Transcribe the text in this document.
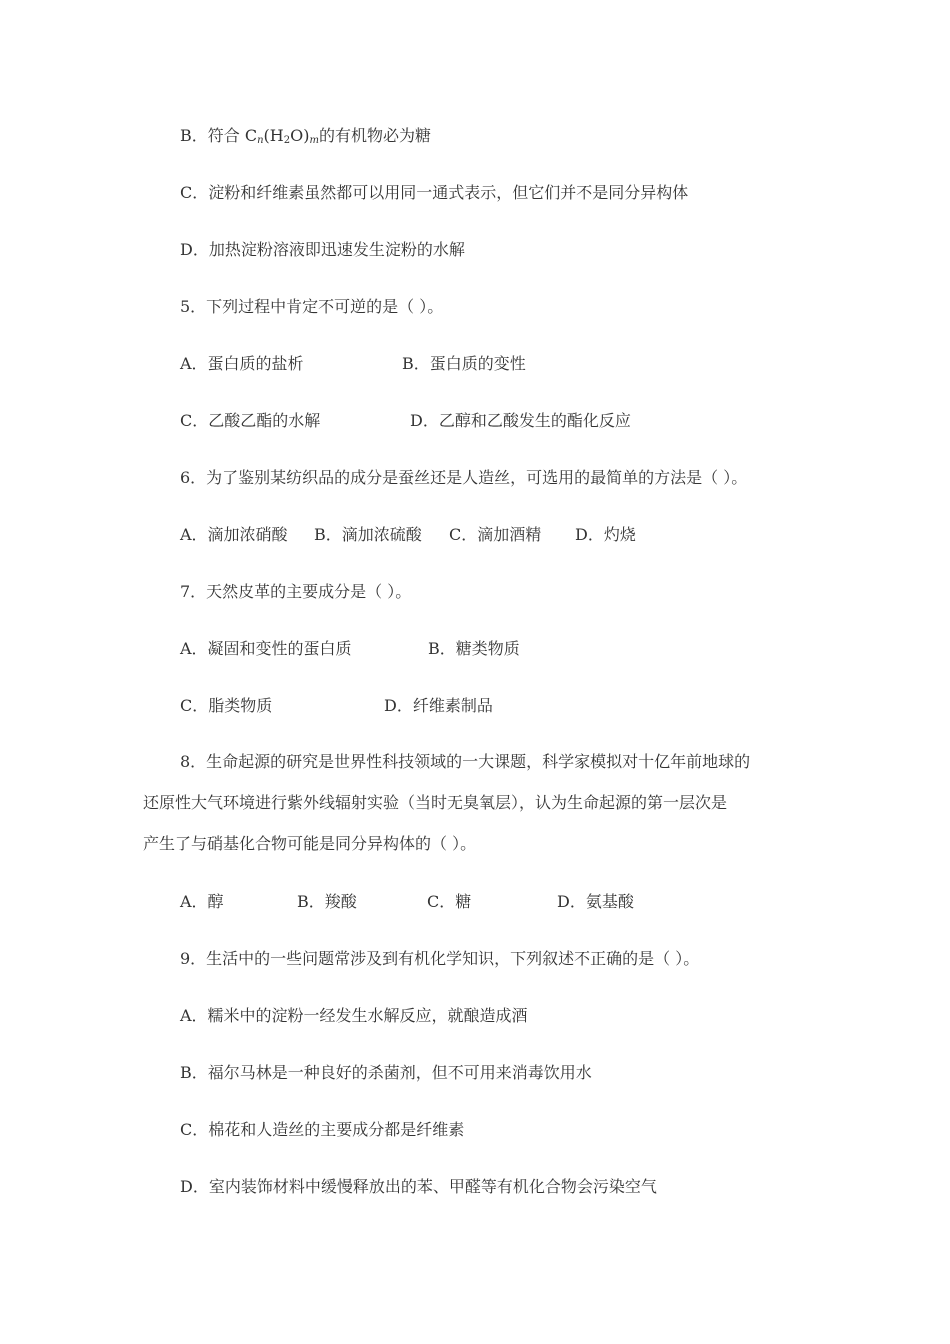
B．符合 $C_n(H_2O)_m$的有机物必为糖
C．淀粉和纤维素虽然都可以用同一通式表示，但它们并不是同分异构体
D．加热淀粉溶液即迅速发生淀粉的水解
5．下列过程中肯定不可逆的是（ ）。
A．蛋白质的盐析	B．蛋白质的变性
C．乙酸乙酯的水解	D．乙醇和乙酸发生的酯化反应
6．为了鉴别某纺织品的成分是蚕丝还是人造丝，可选用的最简单的方法是（ ）。
A．滴加浓硝酸 B．滴加浓硫酸 C．滴加酒精 D．灼烧
7．天然皮革的主要成分是（ ）。
A．凝固和变性的蛋白质	B．糖类物质
C．脂类物质	D．纤维素制品
8．生命起源的研究是世界性科技领域的一大课题，科学家模拟对十亿年前地球的
还原性大气环境进行紫外线辐射实验（当时无臭氧层），认为生命起源的第一层次是
产生了与硝基化合物可能是同分异构体的（ ）。
A．醇	B．羧酸	C．糖	D．氨基酸
9．生活中的一些问题常涉及到有机化学知识，下列叙述不正确的是（ ）。
A．糯米中的淀粉一经发生水解反应，就酿造成酒
B．福尔马林是一种良好的杀菌剂，但不可用来消毒饮用水
C．棉花和人造丝的主要成分都是纤维素
D．室内装饰材料中缓慢释放出的苯、甲醛等有机化合物会污染空气
